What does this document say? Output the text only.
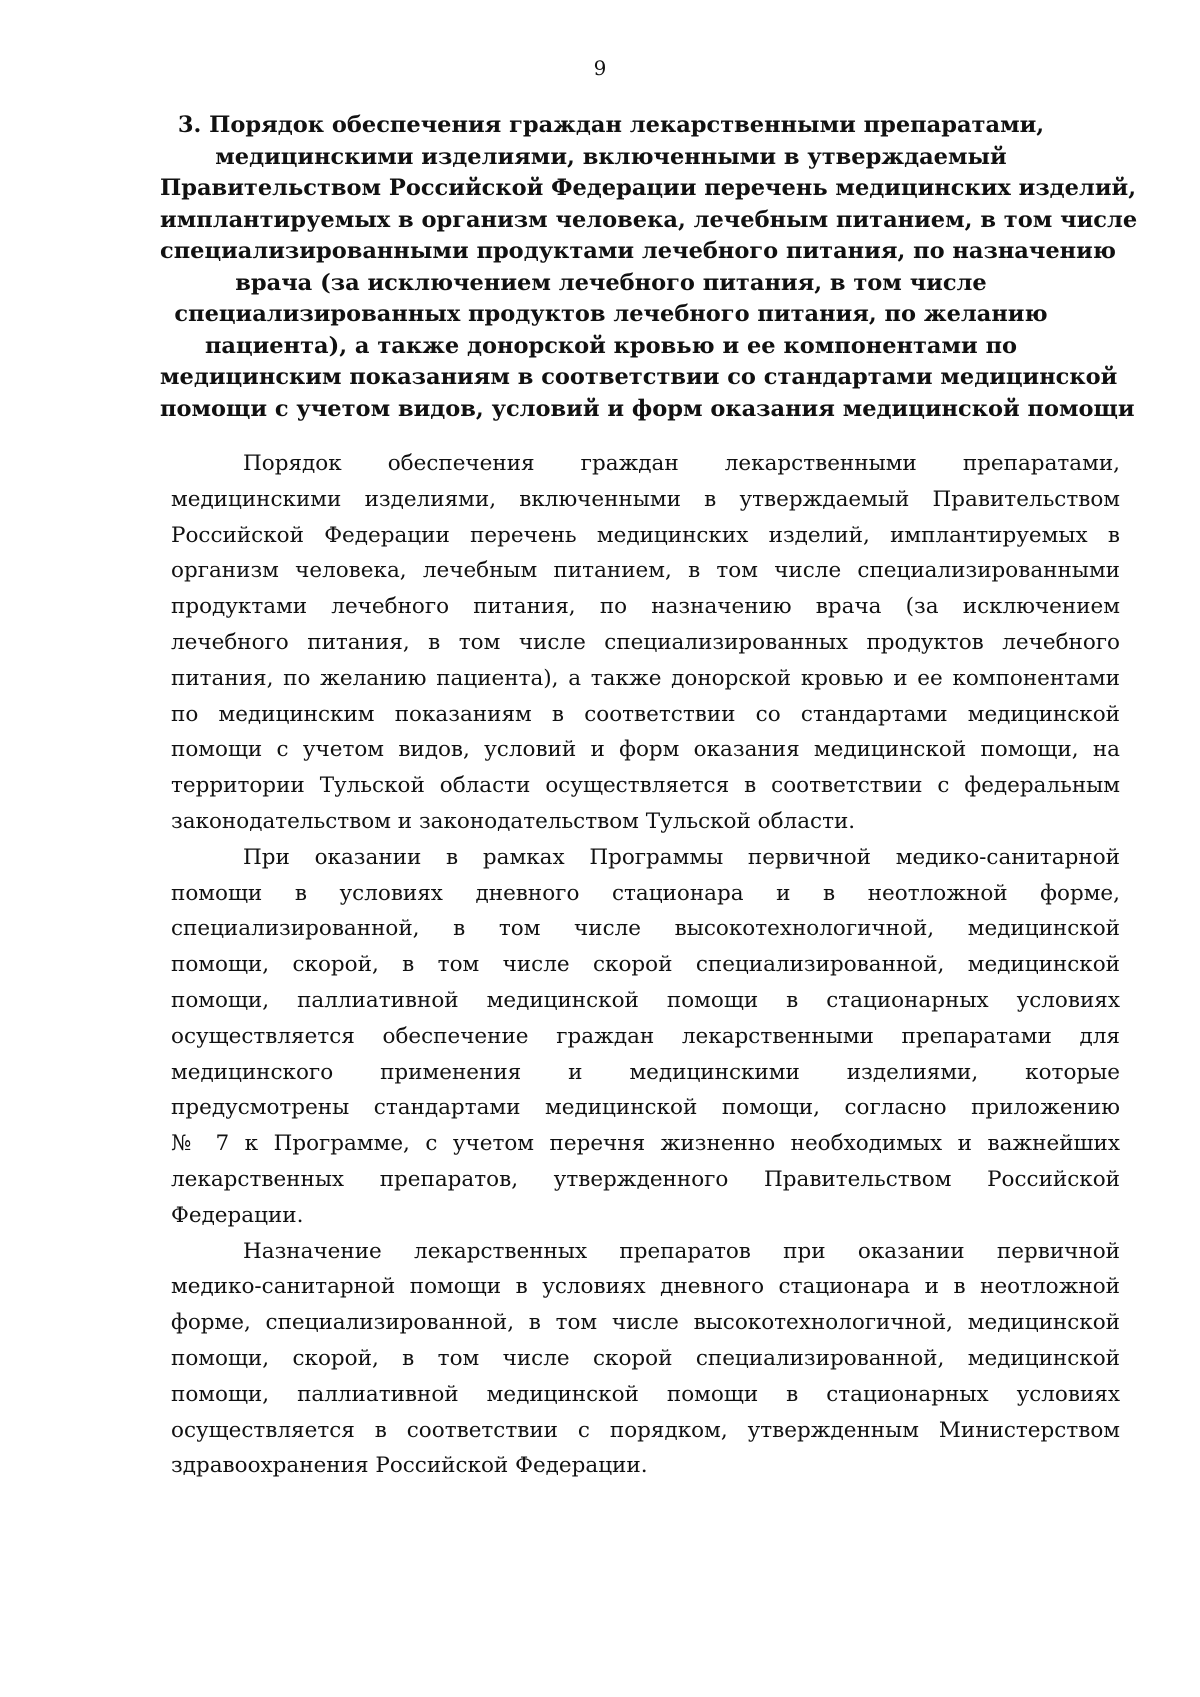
9
3. Порядок обеспечения граждан лекарственными препаратами,
медицинскими изделиями, включенными в утверждаемый
Правительством Российской Федерации перечень медицинских изделий,
имплантируемых в организм человека, лечебным питанием, в том числе
специализированными продуктами лечебного питания, по назначению
врача (за исключением лечебного питания, в том числе
специализированных продуктов лечебного питания, по желанию
пациента), а также донорской кровью и ее компонентами по
медицинским показаниям в соответствии со стандартами медицинской
помощи с учетом видов, условий и форм оказания медицинской помощи

Порядок обеспечения граждан лекарственными препаратами,
медицинскими изделиями, включенными в утверждаемый Правительством
Российской Федерации перечень медицинских изделий, имплантируемых в
организм человека, лечебным питанием, в том числе специализированными
продуктами лечебного питания, по назначению врача (за исключением
лечебного питания, в том числе специализированных продуктов лечебного
питания, по желанию пациента), а также донорской кровью и ее компонентами
по медицинским показаниям в соответствии со стандартами медицинской
помощи с учетом видов, условий и форм оказания медицинской помощи, на
территории Тульской области осуществляется в соответствии с федеральным
законодательством и законодательством Тульской области.

При оказании в рамках Программы первичной медико-санитарной
помощи в условиях дневного стационара и в неотложной форме,
специализированной, в том числе высокотехнологичной, медицинской
помощи, скорой, в том числе скорой специализированной, медицинской
помощи, паллиативной медицинской помощи в стационарных условиях
осуществляется обеспечение граждан лекарственными препаратами для
медицинского применения и медицинскими изделиями, которые
предусмотрены стандартами медицинской помощи, согласно приложению
№ 7 к Программе, с учетом перечня жизненно необходимых и важнейших
лекарственных препаратов, утвержденного Правительством Российской
Федерации.

Назначение лекарственных препаратов при оказании первичной
медико-санитарной помощи в условиях дневного стационара и в неотложной
форме, специализированной, в том числе высокотехнологичной, медицинской
помощи, скорой, в том числе скорой специализированной, медицинской
помощи, паллиативной медицинской помощи в стационарных условиях
осуществляется в соответствии с порядком, утвержденным Министерством
здравоохранения Российской Федерации.
